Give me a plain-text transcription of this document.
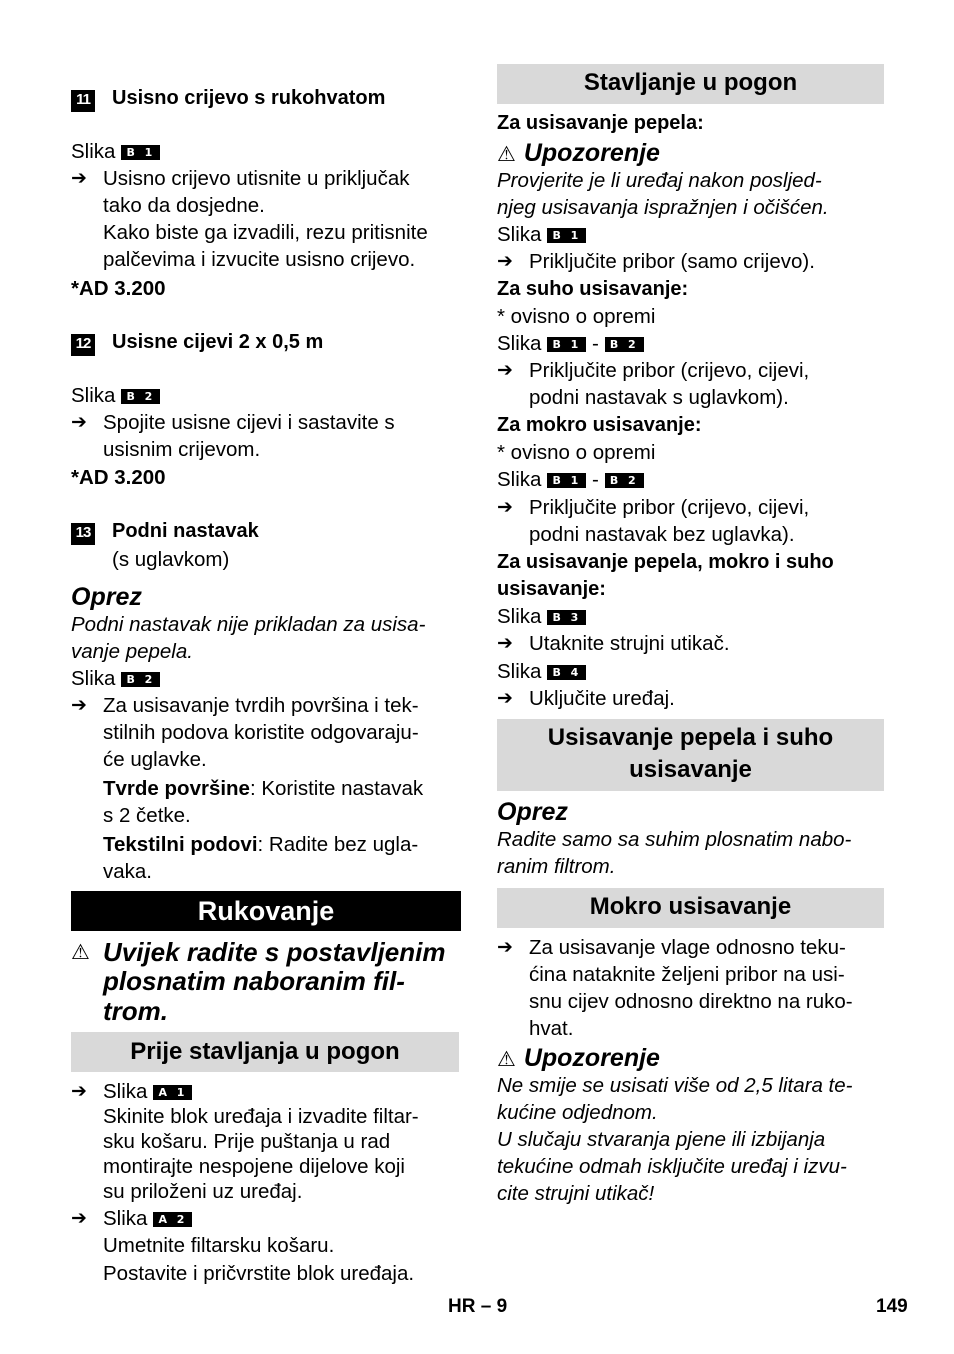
11 Usisno crijevo s rukohvatom
Slika B 1
➔ Usisno crijevo utisnite u priključak
tako da dosjedne.
Kako biste ga izvadili, rezu pritisnite
palčevima i izvucite usisno crijevo.
*AD 3.200
12 Usisne cijevi 2 x 0,5 m
Slika B 2
➔ Spojite usisne cijevi i sastavite s
usisnim crijevom.
*AD 3.200
13 Podni nastavak
(s uglavkom)
Oprez
Podni nastavak nije prikladan za usisa-
vanje pepela.
Slika B 2
➔ Za usisavanje tvrdih površina i tek-
stilnih podova koristite odgovaraju-
će uglavke.
Tvrde površine: Koristite nastavak
s 2 četke.
Tekstilni podovi: Radite bez ugla-
vaka.
Rukovanje
⚠ Uvijek radite s postavljenim
plosnatim naboranim fil-
trom.
Prije stavljanja u pogon
➔ Slika A 1
Skinite blok uređaja i izvadite filtar-
sku košaru. Prije puštanja u rad
montirajte nespojene dijelove koji
su priloženi uz uređaj.
➔ Slika A 2
Umetnite filtarsku košaru.
Postavite i pričvrstite blok uređaja.
Stavljanje u pogon
Za usisavanje pepela:
⚠ Upozorenje
Provjerite je li uređaj nakon posljed-
njeg usisavanja ispražnjen i očišćen.
Slika B 1
➔ Priključite pribor (samo crijevo).
Za suho usisavanje:
* ovisno o opremi
Slika B 1 - B 2
➔ Priključite pribor (crijevo, cijevi,
podni nastavak s uglavkom).
Za mokro usisavanje:
* ovisno o opremi
Slika B 1 - B 2
➔ Priključite pribor (crijevo, cijevi,
podni nastavak bez uglavka).
Za usisavanje pepela, mokro i suho
usisavanje:
Slika B 3
➔ Utaknite strujni utikač.
Slika B 4
➔ Uključite uređaj.
Usisavanje pepela i suho
usisavanje
Oprez
Radite samo sa suhim plosnatim nabo-
ranim filtrom.
Mokro usisavanje
➔ Za usisavanje vlage odnosno teku-
ćina nataknite željeni pribor na usi-
snu cijev odnosno direktno na ruko-
hvat.
⚠ Upozorenje
Ne smije se usisati više od 2,5 litara te-
kućine odjednom.
U slučaju stvaranja pjene ili izbijanja
tekućine odmah isključite uređaj i izvu-
cite strujni utikač!
HR – 9	149
